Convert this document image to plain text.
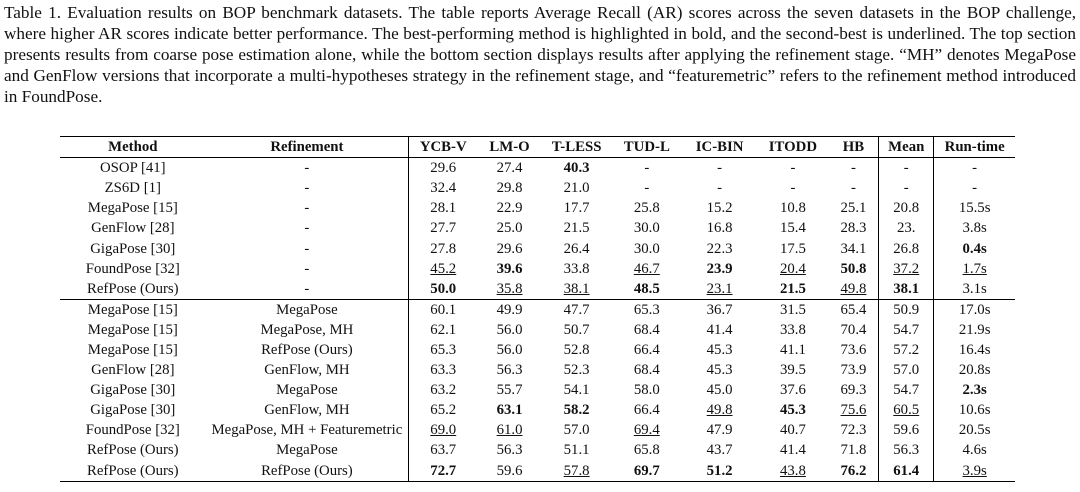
Table 1. Evaluation results on BOP benchmark datasets. The table reports Average Recall (AR) scores across the seven datasets in the BOP challenge, where higher AR scores indicate better performance. The best-performing method is highlighted in bold, and the second-best is underlined. The top section presents results from coarse pose estimation alone, while the bottom section displays results after applying the refinement stage. “MH” denotes MegaPose and GenFlow versions that incorporate a multi-hypotheses strategy in the refinement stage, and “featuremetric” refers to the refinement method introduced in FoundPose.

Method	Refinement	YCB-V	LM-O	T-LESS	TUD-L	IC-BIN	ITODD	HB	Mean	Run-time
OSOP [41]	-	29.6	27.4	40.3	-	-	-	-	-	-
ZS6D [1]	-	32.4	29.8	21.0	-	-	-	-	-	-
MegaPose [15]	-	28.1	22.9	17.7	25.8	15.2	10.8	25.1	20.8	15.5s
GenFlow [28]	-	27.7	25.0	21.5	30.0	16.8	15.4	28.3	23.	3.8s
GigaPose [30]	-	27.8	29.6	26.4	30.0	22.3	17.5	34.1	26.8	0.4s
FoundPose [32]	-	45.2	39.6	33.8	46.7	23.9	20.4	50.8	37.2	1.7s
RefPose (Ours)	-	50.0	35.8	38.1	48.5	23.1	21.5	49.8	38.1	3.1s
MegaPose [15]	MegaPose	60.1	49.9	47.7	65.3	36.7	31.5	65.4	50.9	17.0s
MegaPose [15]	MegaPose, MH	62.1	56.0	50.7	68.4	41.4	33.8	70.4	54.7	21.9s
MegaPose [15]	RefPose (Ours)	65.3	56.0	52.8	66.4	45.3	41.1	73.6	57.2	16.4s
GenFlow [28]	GenFlow, MH	63.3	56.3	52.3	68.4	45.3	39.5	73.9	57.0	20.8s
GigaPose [30]	MegaPose	63.2	55.7	54.1	58.0	45.0	37.6	69.3	54.7	2.3s
GigaPose [30]	GenFlow, MH	65.2	63.1	58.2	66.4	49.8	45.3	75.6	60.5	10.6s
FoundPose [32]	MegaPose, MH + Featuremetric	69.0	61.0	57.0	69.4	47.9	40.7	72.3	59.6	20.5s
RefPose (Ours)	MegaPose	63.7	56.3	51.1	65.8	43.7	41.4	71.8	56.3	4.6s
RefPose (Ours)	RefPose (Ours)	72.7	59.6	57.8	69.7	51.2	43.8	76.2	61.4	3.9s
